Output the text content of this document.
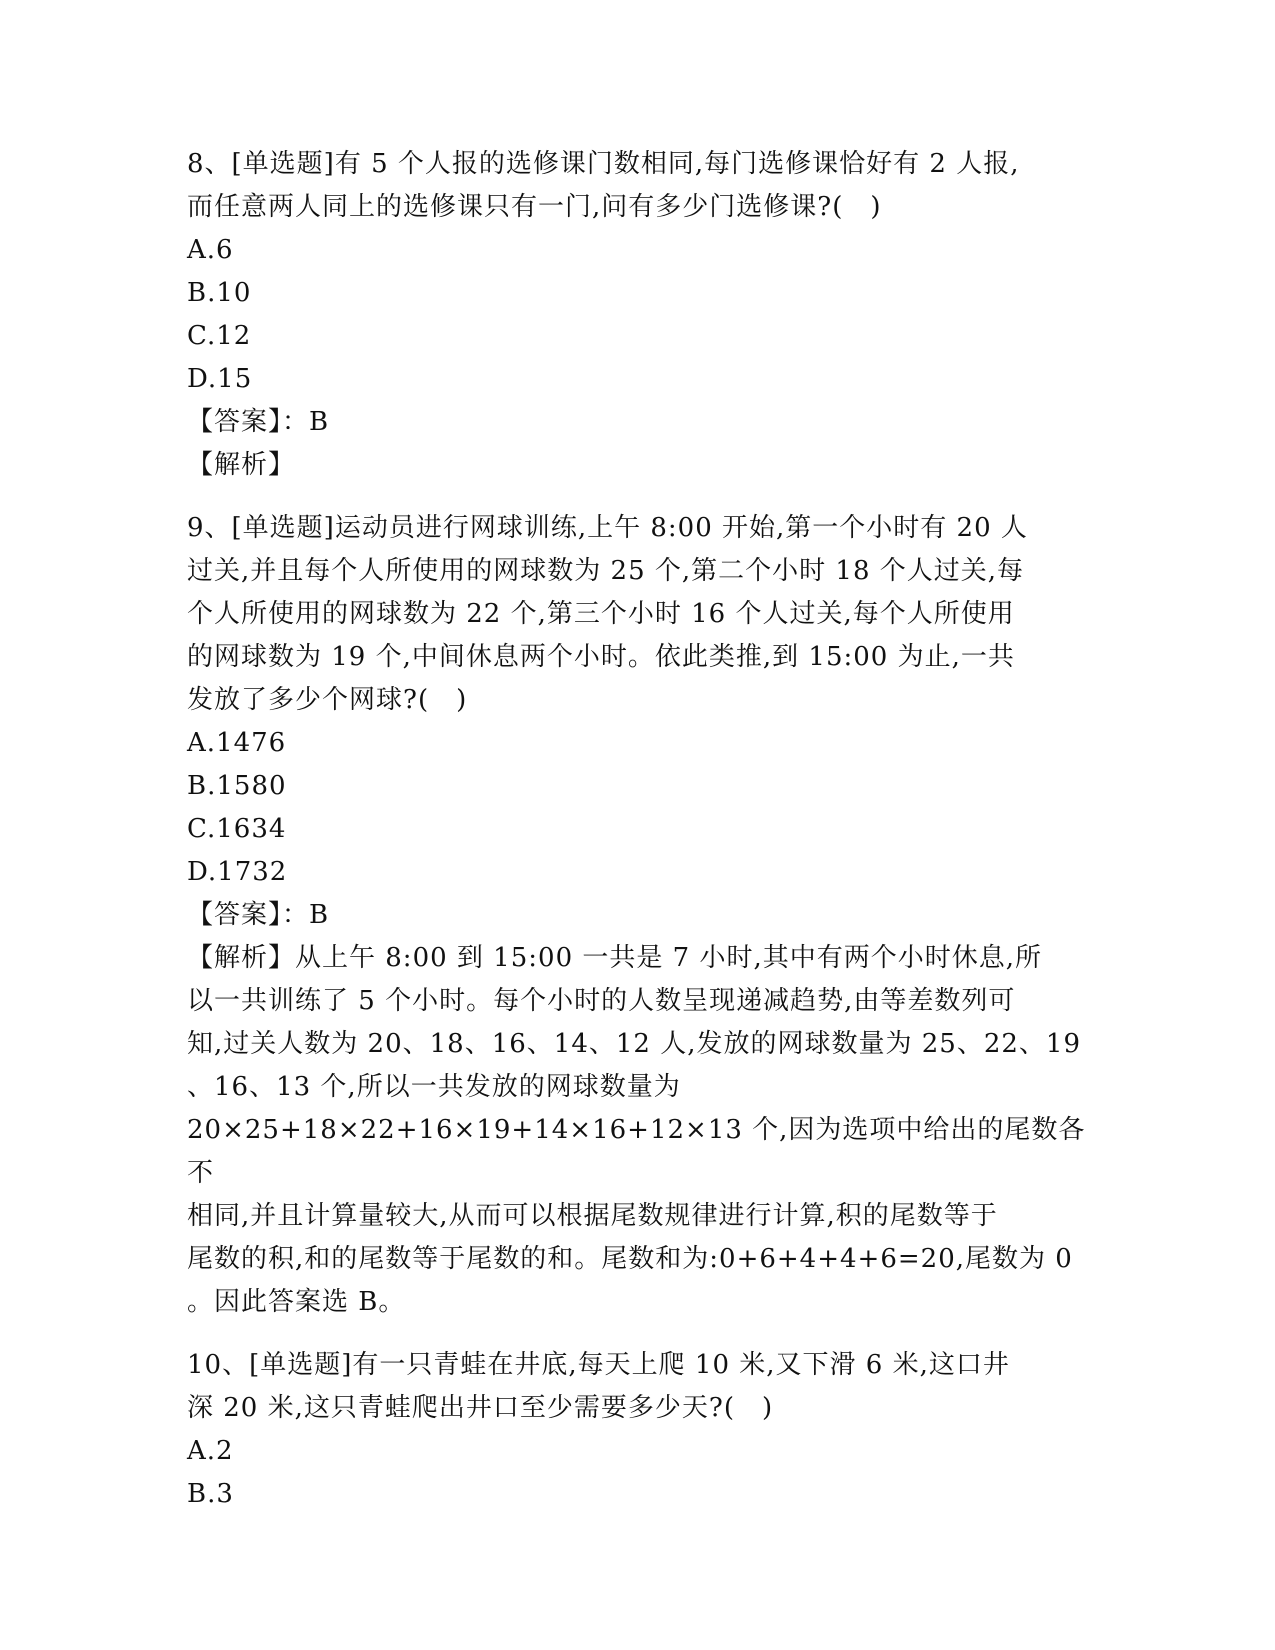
8、[单选题]有 5 个人报的选修课门数相同,每门选修课恰好有 2 人报,
而任意两人同上的选修课只有一门,问有多少门选修课?(　)
A.6
B.10
C.12
D.15
【答案】：B
【解析】
9、[单选题]运动员进行网球训练,上午 8:00 开始,第一个小时有 20 人
过关,并且每个人所使用的网球数为 25 个,第二个小时 18 个人过关,每
个人所使用的网球数为 22 个,第三个小时 16 个人过关,每个人所使用
的网球数为 19 个,中间休息两个小时。依此类推,到 15:00 为止,一共
发放了多少个网球?(　)
A.1476
B.1580
C.1634
D.1732
【答案】：B
【解析】从上午 8:00 到 15:00 一共是 7 小时,其中有两个小时休息,所
以一共训练了 5 个小时。每个小时的人数呈现递减趋势,由等差数列可
知,过关人数为 20、18、16、14、12 人,发放的网球数量为 25、22、19
、16、13 个,所以一共发放的网球数量为
20×25+18×22+16×19+14×16+12×13 个,因为选项中给出的尾数各不
相同,并且计算量较大,从而可以根据尾数规律进行计算,积的尾数等于
尾数的积,和的尾数等于尾数的和。尾数和为:0+6+4+4+6=20,尾数为 0
。因此答案选 B。
10、[单选题]有一只青蛙在井底,每天上爬 10 米,又下滑 6 米,这口井
深 20 米,这只青蛙爬出井口至少需要多少天?(　)
A.2
B.3
